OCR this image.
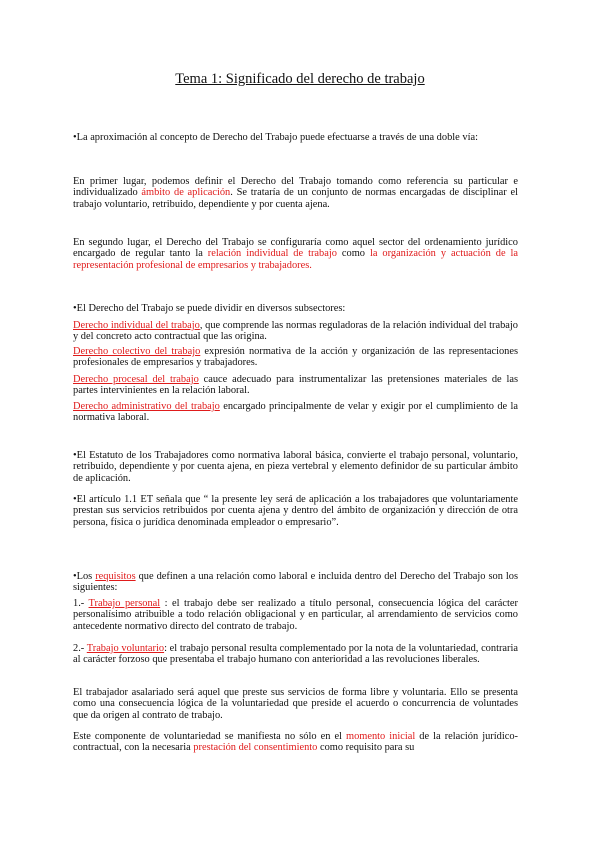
Tema 1: Significado del derecho de trabajo

•La aproximación al concepto de Derecho del Trabajo puede efectuarse a través de una doble vía:

En primer lugar, podemos definir el Derecho del Trabajo tomando como referencia su particular e individualizado ámbito de aplicación. Se trataría de un conjunto de normas encargadas de disciplinar el trabajo voluntario, retribuido, dependiente y por cuenta ajena.

En segundo lugar, el Derecho del Trabajo se configuraría como aquel sector del ordenamiento jurídico encargado de regular tanto la relación individual de trabajo como la organización y actuación de la representación profesional de empresarios y trabajadores.

•El Derecho del Trabajo se puede dividir en diversos subsectores:

Derecho individual del trabajo, que comprende las normas reguladoras de la relación individual del trabajo y del concreto acto contractual que las origina.

Derecho colectivo del trabajo expresión normativa de la acción y organización de las representaciones profesionales de empresarios y trabajadores.

Derecho procesal del trabajo cauce adecuado para instrumentalizar las pretensiones materiales de las partes intervinientes en la relación laboral.

Derecho administrativo del trabajo encargado principalmente de velar y exigir por el cumplimiento de la normativa laboral.

•El Estatuto de los Trabajadores como normativa laboral básica, convierte el trabajo personal, voluntario, retribuido, dependiente y por cuenta ajena, en pieza vertebral y elemento definidor de su particular ámbito de aplicación.

•El artículo 1.1 ET señala que “ la presente ley será de aplicación a los trabajadores que voluntariamente prestan sus servicios retribuidos por cuenta ajena y dentro del ámbito de organización y dirección de otra persona, física o jurídica denominada empleador o empresario”.

•Los requisitos que definen a una relación como laboral e incluida dentro del Derecho del Trabajo son los siguientes:

1.- Trabajo personal : el trabajo debe ser realizado a título personal, consecuencia lógica del carácter personalísimo atribuible a todo relación obligacional y en particular, al arrendamiento de servicios como antecedente normativo directo del contrato de trabajo.

2.- Trabajo voluntario: el trabajo personal resulta complementado por la nota de la voluntariedad, contraria al carácter forzoso que presentaba el trabajo humano con anterioridad a las revoluciones liberales.

El trabajador asalariado será aquel que preste sus servicios de forma libre y voluntaria. Ello se presenta como una consecuencia lógica de la voluntariedad que preside el acuerdo o concurrencia de voluntades que da origen al contrato de trabajo.

Este componente de voluntariedad se manifiesta no sólo en el momento inicial de la relación jurídico-contractual, con la necesaria prestación del consentimiento como requisito para su
